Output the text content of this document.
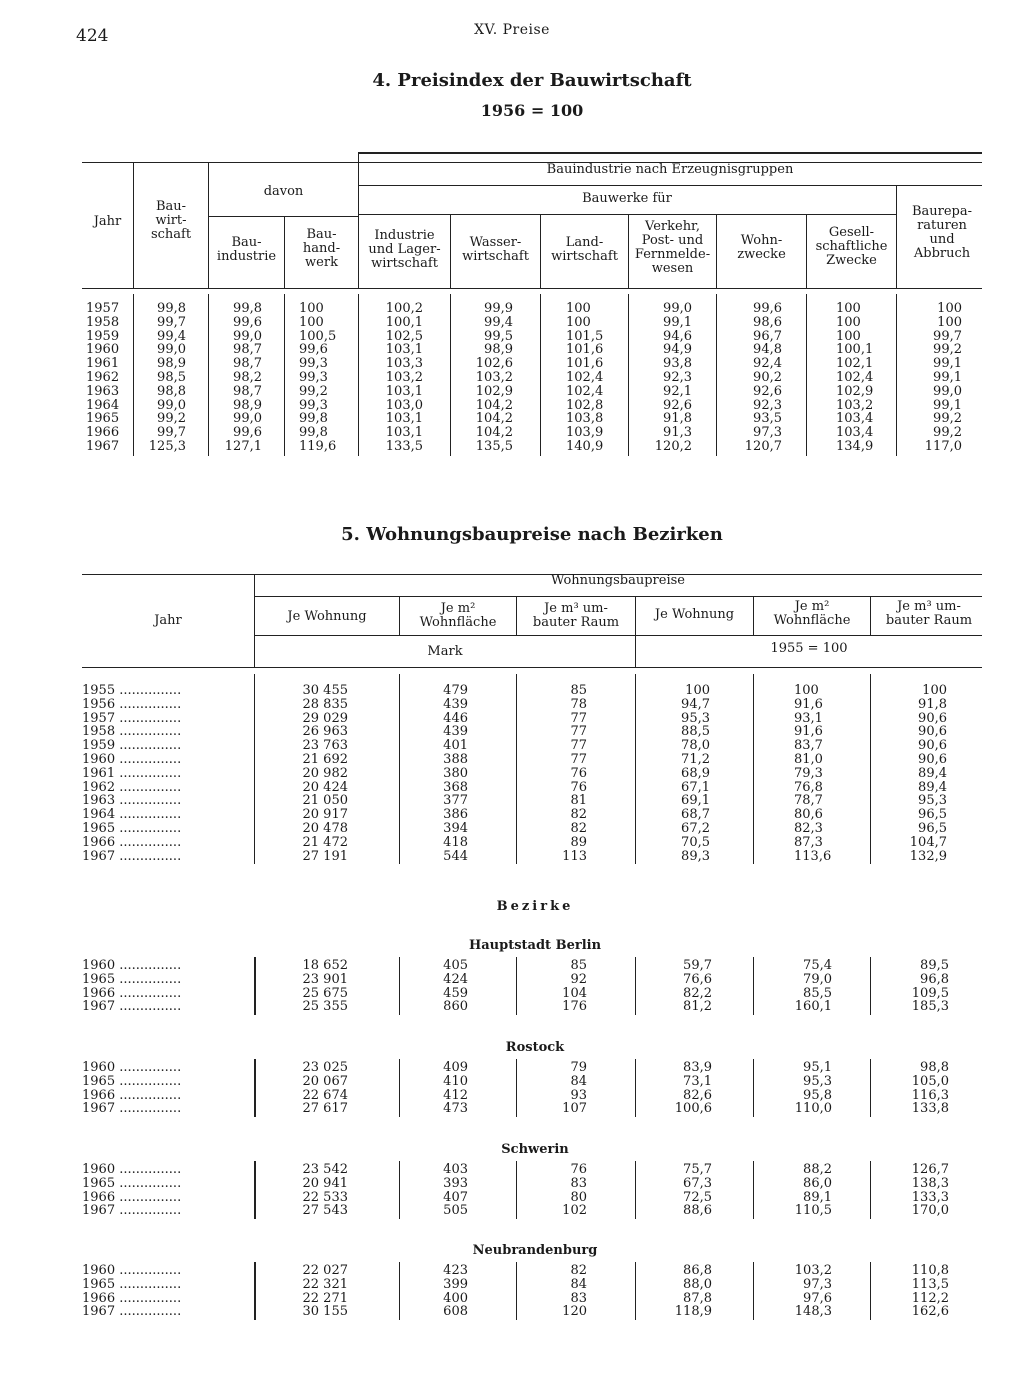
424	XV. Preise
4. Preisindex der Bauwirtschaft
1956 = 100
Jahr
Bau-
wirt-
schaft
davon
Bau-
industrie
Bau-
hand-
werk
Bauindustrie nach Erzeugnisgruppen
Bauwerke für
Industrie
und Lager-
wirtschaft
Wasser-
wirtschaft
Land-
wirtschaft
Verkehr,
Post- und
Fernmelde-
wesen
Wohn-
zwecke
Gesell-
schaftliche
Zwecke
Baurepa-
raturen
und
Abbruch
1957
1958
1959
1960
1961
1962
1963
1964
1965
1966
1967
99,8
99,7
99,4
99,0
98,9
98,5
98,8
99,0
99,2
99,7
125,3
99,8
99,6
99,0
98,7
98,7
98,2
98,7
98,9
99,0
99,6
127,1
100
100
100,5
99,6
99,3
99,3
99,2
99,3
99,8
99,8
119,6
100,2
100,1
102,5
103,1
103,3
103,2
103,1
103,0
103,1
103,1
133,5
99,9
99,4
99,5
98,9
102,6
103,2
102,9
104,2
104,2
104,2
135,5
100
100
101,5
101,6
101,6
102,4
102,4
102,8
103,8
103,9
140,9
99,0
99,1
94,6
94,9
93,8
92,3
92,1
92,6
91,8
91,3
120,2
99,6
98,6
96,7
94,8
92,4
90,2
92,6
92,3
93,5
97,3
120,7
100
100
100
100,1
102,1
102,4
102,9
103,2
103,4
103,4
134,9
100
100
99,7
99,2
99,1
99,1
99,0
99,1
99,2
99,2
117,0
5. Wohnungsbaupreise nach Bezirken
Jahr
Wohnungsbaupreise
Je Wohnung
Je m²
Wohnfläche
Je m³ um-
bauter Raum
Je Wohnung
Je m²
Wohnfläche
Je m³ um-
bauter Raum
Mark	1955 = 100
1955 ...............
1956 ...............
1957 ...............
1958 ...............
1959 ...............
1960 ...............
1961 ...............
1962 ...............
1963 ...............
1964 ...............
1965 ...............
1966 ...............
1967 ...............
30 455
28 835
29 029
26 963
23 763
21 692
20 982
20 424
21 050
20 917
20 478
21 472
27 191
479
439
446
439
401
388
380
368
377
386
394
418
544
85
78
77
77
77
77
76
76
81
82
82
89
113
100
94,7
95,3
88,5
78,0
71,2
68,9
67,1
69,1
68,7
67,2
70,5
89,3
100
91,6
93,1
91,6
83,7
81,0
79,3
76,8
78,7
80,6
82,3
87,3
113,6
100
91,8
90,6
90,6
90,6
90,6
89,4
89,4
95,3
96,5
96,5
104,7
132,9
Bezirke
Hauptstadt Berlin
1960 ...............
1965 ...............
1966 ...............
1967 ...............
18 652
23 901
25 675
25 355
405
424
459
860
85
92
104
176
59,7
76,6
82,2
81,2
75,4
79,0
85,5
160,1
89,5
96,8
109,5
185,3
Rostock
1960 ...............
1965 ...............
1966 ...............
1967 ...............
23 025
20 067
22 674
27 617
409
410
412
473
79
84
93
107
83,9
73,1
82,6
100,6
95,1
95,3
95,8
110,0
98,8
105,0
116,3
133,8
Schwerin
1960 ...............
1965 ...............
1966 ...............
1967 ...............
23 542
20 941
22 533
27 543
403
393
407
505
76
83
80
102
75,7
67,3
72,5
88,6
88,2
86,0
89,1
110,5
126,7
138,3
133,3
170,0
Neubrandenburg
1960 ...............
1965 ...............
1966 ...............
1967 ...............
22 027
22 321
22 271
30 155
423
399
400
608
82
84
83
120
86,8
88,0
87,8
118,9
103,2
97,3
97,6
148,3
110,8
113,5
112,2
162,6
